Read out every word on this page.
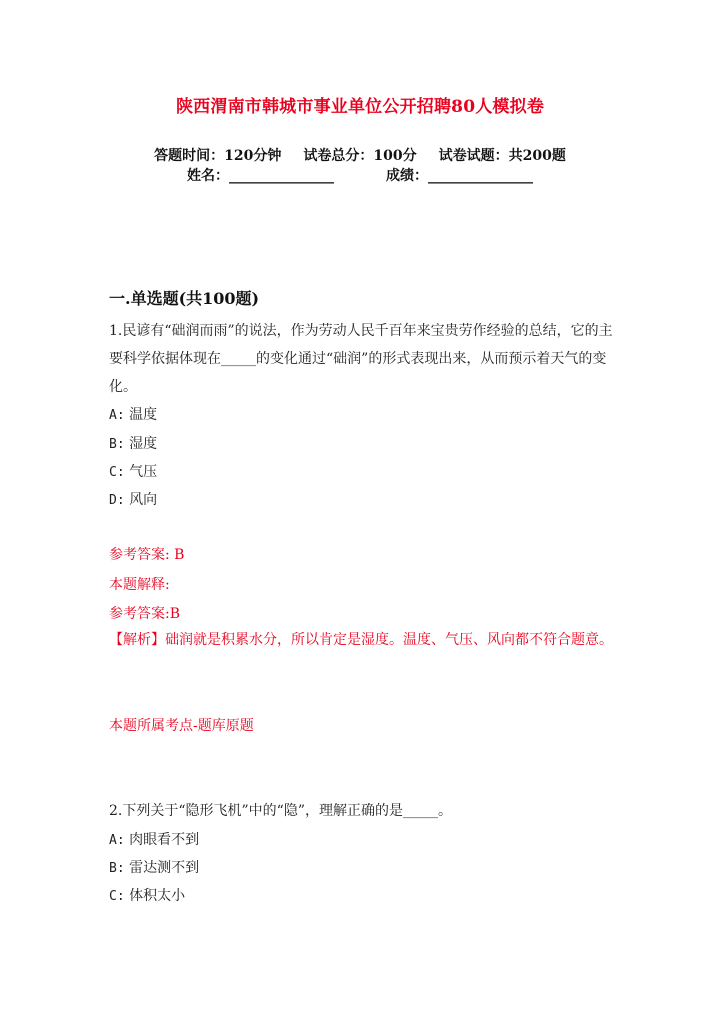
陕西渭南市韩城市事业单位公开招聘80人模拟卷
答题时间：120分钟 试卷总分：100分 试卷试题：共200题
姓名：_______________	成绩：_______________
一.单选题(共100题)
1.民谚有“础润而雨”的说法，作为劳动人民千百年来宝贵劳作经验的总结，它的主要科学依据体现在_____的变化通过“础润”的形式表现出来，从而预示着天气的变化。
A: 温度
B: 湿度
C: 气压
D: 风向
参考答案: B
本题解释:
参考答案:B
【解析】础润就是积累水分，所以肯定是湿度。温度、气压、风向都不符合题意。
本题所属考点-题库原题
2.下列关于“隐形飞机”中的“隐”，理解正确的是_____。
A: 肉眼看不到
B: 雷达测不到
C: 体积太小
